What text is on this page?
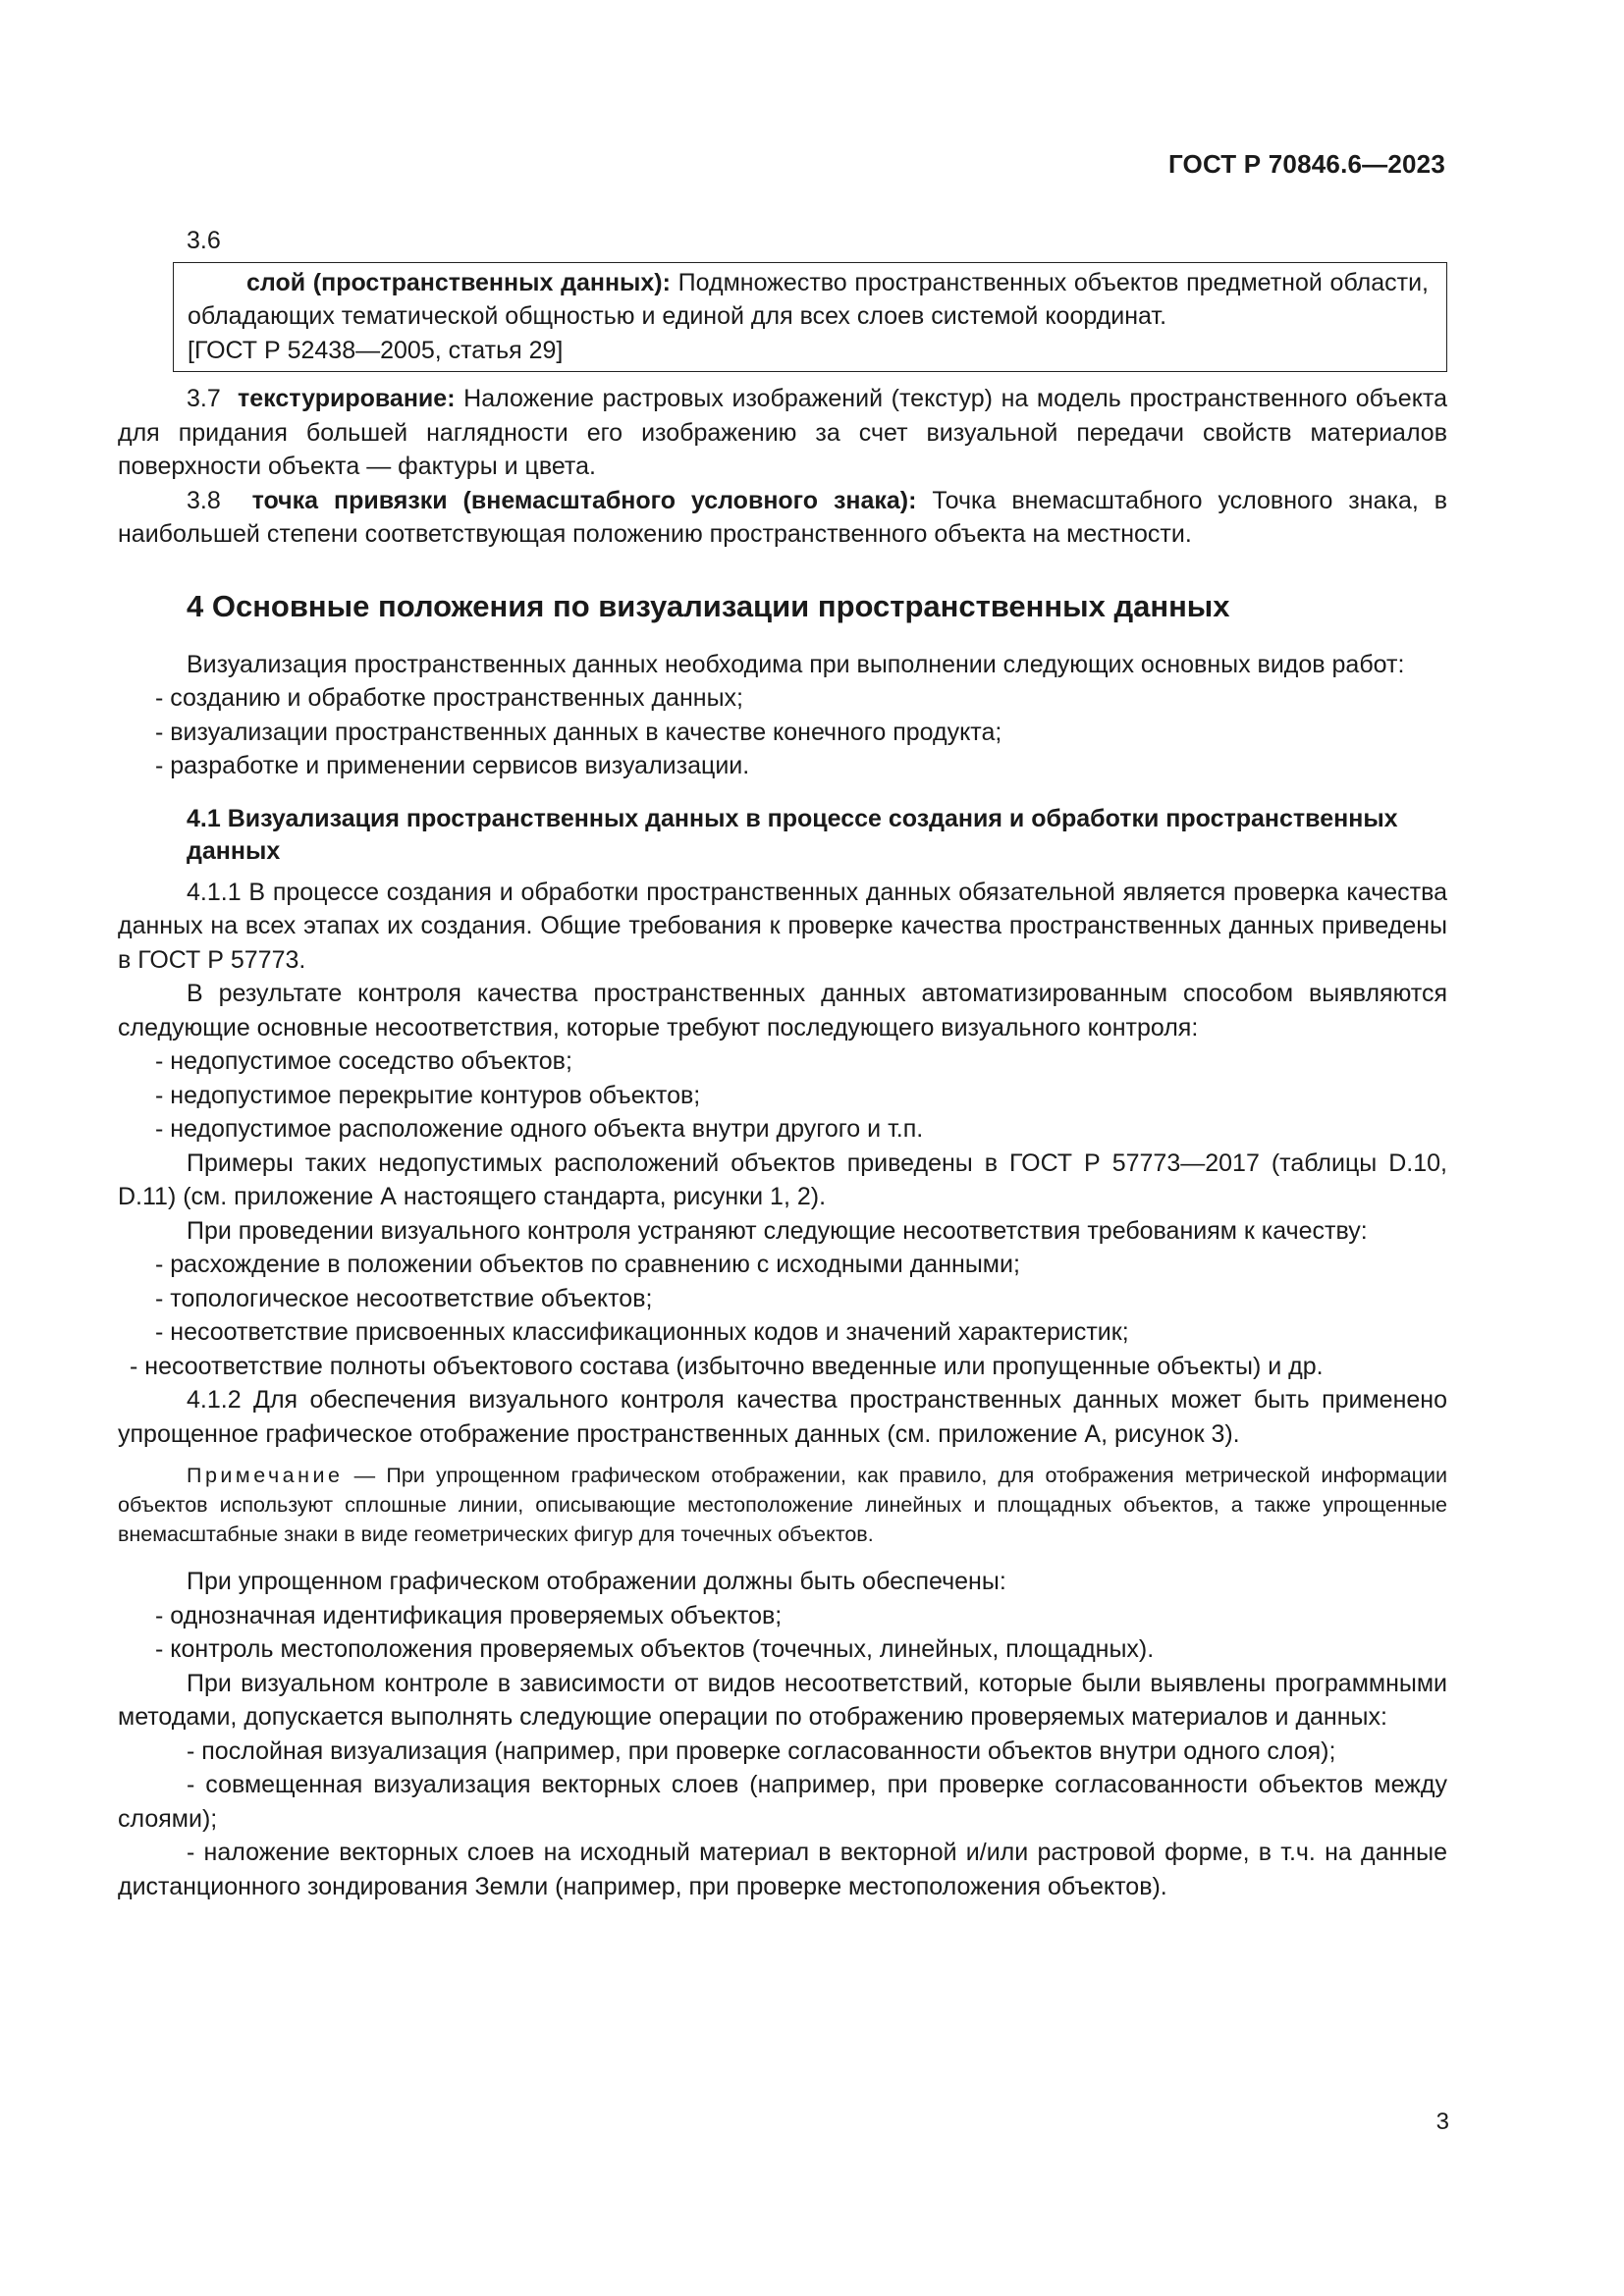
ГОСТ Р 70846.6—2023

3.6

слой (пространственных данных): Подмножество пространственных объектов предметной области, обладающих тематической общностью и единой для всех слоев системой координат.

[ГОСТ Р 52438—2005, статья 29]

3.7 текстурирование: Наложение растровых изображений (текстур) на модель пространственного объекта для придания большей наглядности его изображению за счет визуальной передачи свойств материалов поверхности объекта — фактуры и цвета.

3.8 точка привязки (внемасштабного условного знака): Точка внемасштабного условного знака, в наибольшей степени соответствующая положению пространственного объекта на местности.

4 Основные положения по визуализации пространственных данных

Визуализация пространственных данных необходима при выполнении следующих основных видов работ:

- созданию и обработке пространственных данных;

- визуализации пространственных данных в качестве конечного продукта;

- разработке и применении сервисов визуализации.

4.1 Визуализация пространственных данных в процессе создания и обработки пространственных данных

4.1.1 В процессе создания и обработки пространственных данных обязательной является проверка качества данных на всех этапах их создания. Общие требования к проверке качества пространственных данных приведены в ГОСТ Р 57773.

В результате контроля качества пространственных данных автоматизированным способом выявляются следующие основные несоответствия, которые требуют последующего визуального контроля:

- недопустимое соседство объектов;

- недопустимое перекрытие контуров объектов;

- недопустимое расположение одного объекта внутри другого и т.п.

Примеры таких недопустимых расположений объектов приведены в ГОСТ Р 57773—2017 (таблицы D.10, D.11) (см. приложение А настоящего стандарта, рисунки 1, 2).

При проведении визуального контроля устраняют следующие несоответствия требованиям к качеству:

- расхождение в положении объектов по сравнению с исходными данными;

- топологическое несоответствие объектов;

- несоответствие присвоенных классификационных кодов и значений характеристик;

- несоответствие полноты объектового состава (избыточно введенные или пропущенные объекты) и др.

4.1.2 Для обеспечения визуального контроля качества пространственных данных может быть применено упрощенное графическое отображение пространственных данных (см. приложение А, рисунок 3).

Примечание — При упрощенном графическом отображении, как правило, для отображения метрической информации объектов используют сплошные линии, описывающие местоположение линейных и площадных объектов, а также упрощенные внемасштабные знаки в виде геометрических фигур для точечных объектов.

При упрощенном графическом отображении должны быть обеспечены:

- однозначная идентификация проверяемых объектов;

- контроль местоположения проверяемых объектов (точечных, линейных, площадных).

При визуальном контроле в зависимости от видов несоответствий, которые были выявлены программными методами, допускается выполнять следующие операции по отображению проверяемых материалов и данных:

- послойная визуализация (например, при проверке согласованности объектов внутри одного слоя);

- совмещенная визуализация векторных слоев (например, при проверке согласованности объектов между слоями);

- наложение векторных слоев на исходный материал в векторной и/или растровой форме, в т.ч. на данные дистанционного зондирования Земли (например, при проверке местоположения объектов).

3
